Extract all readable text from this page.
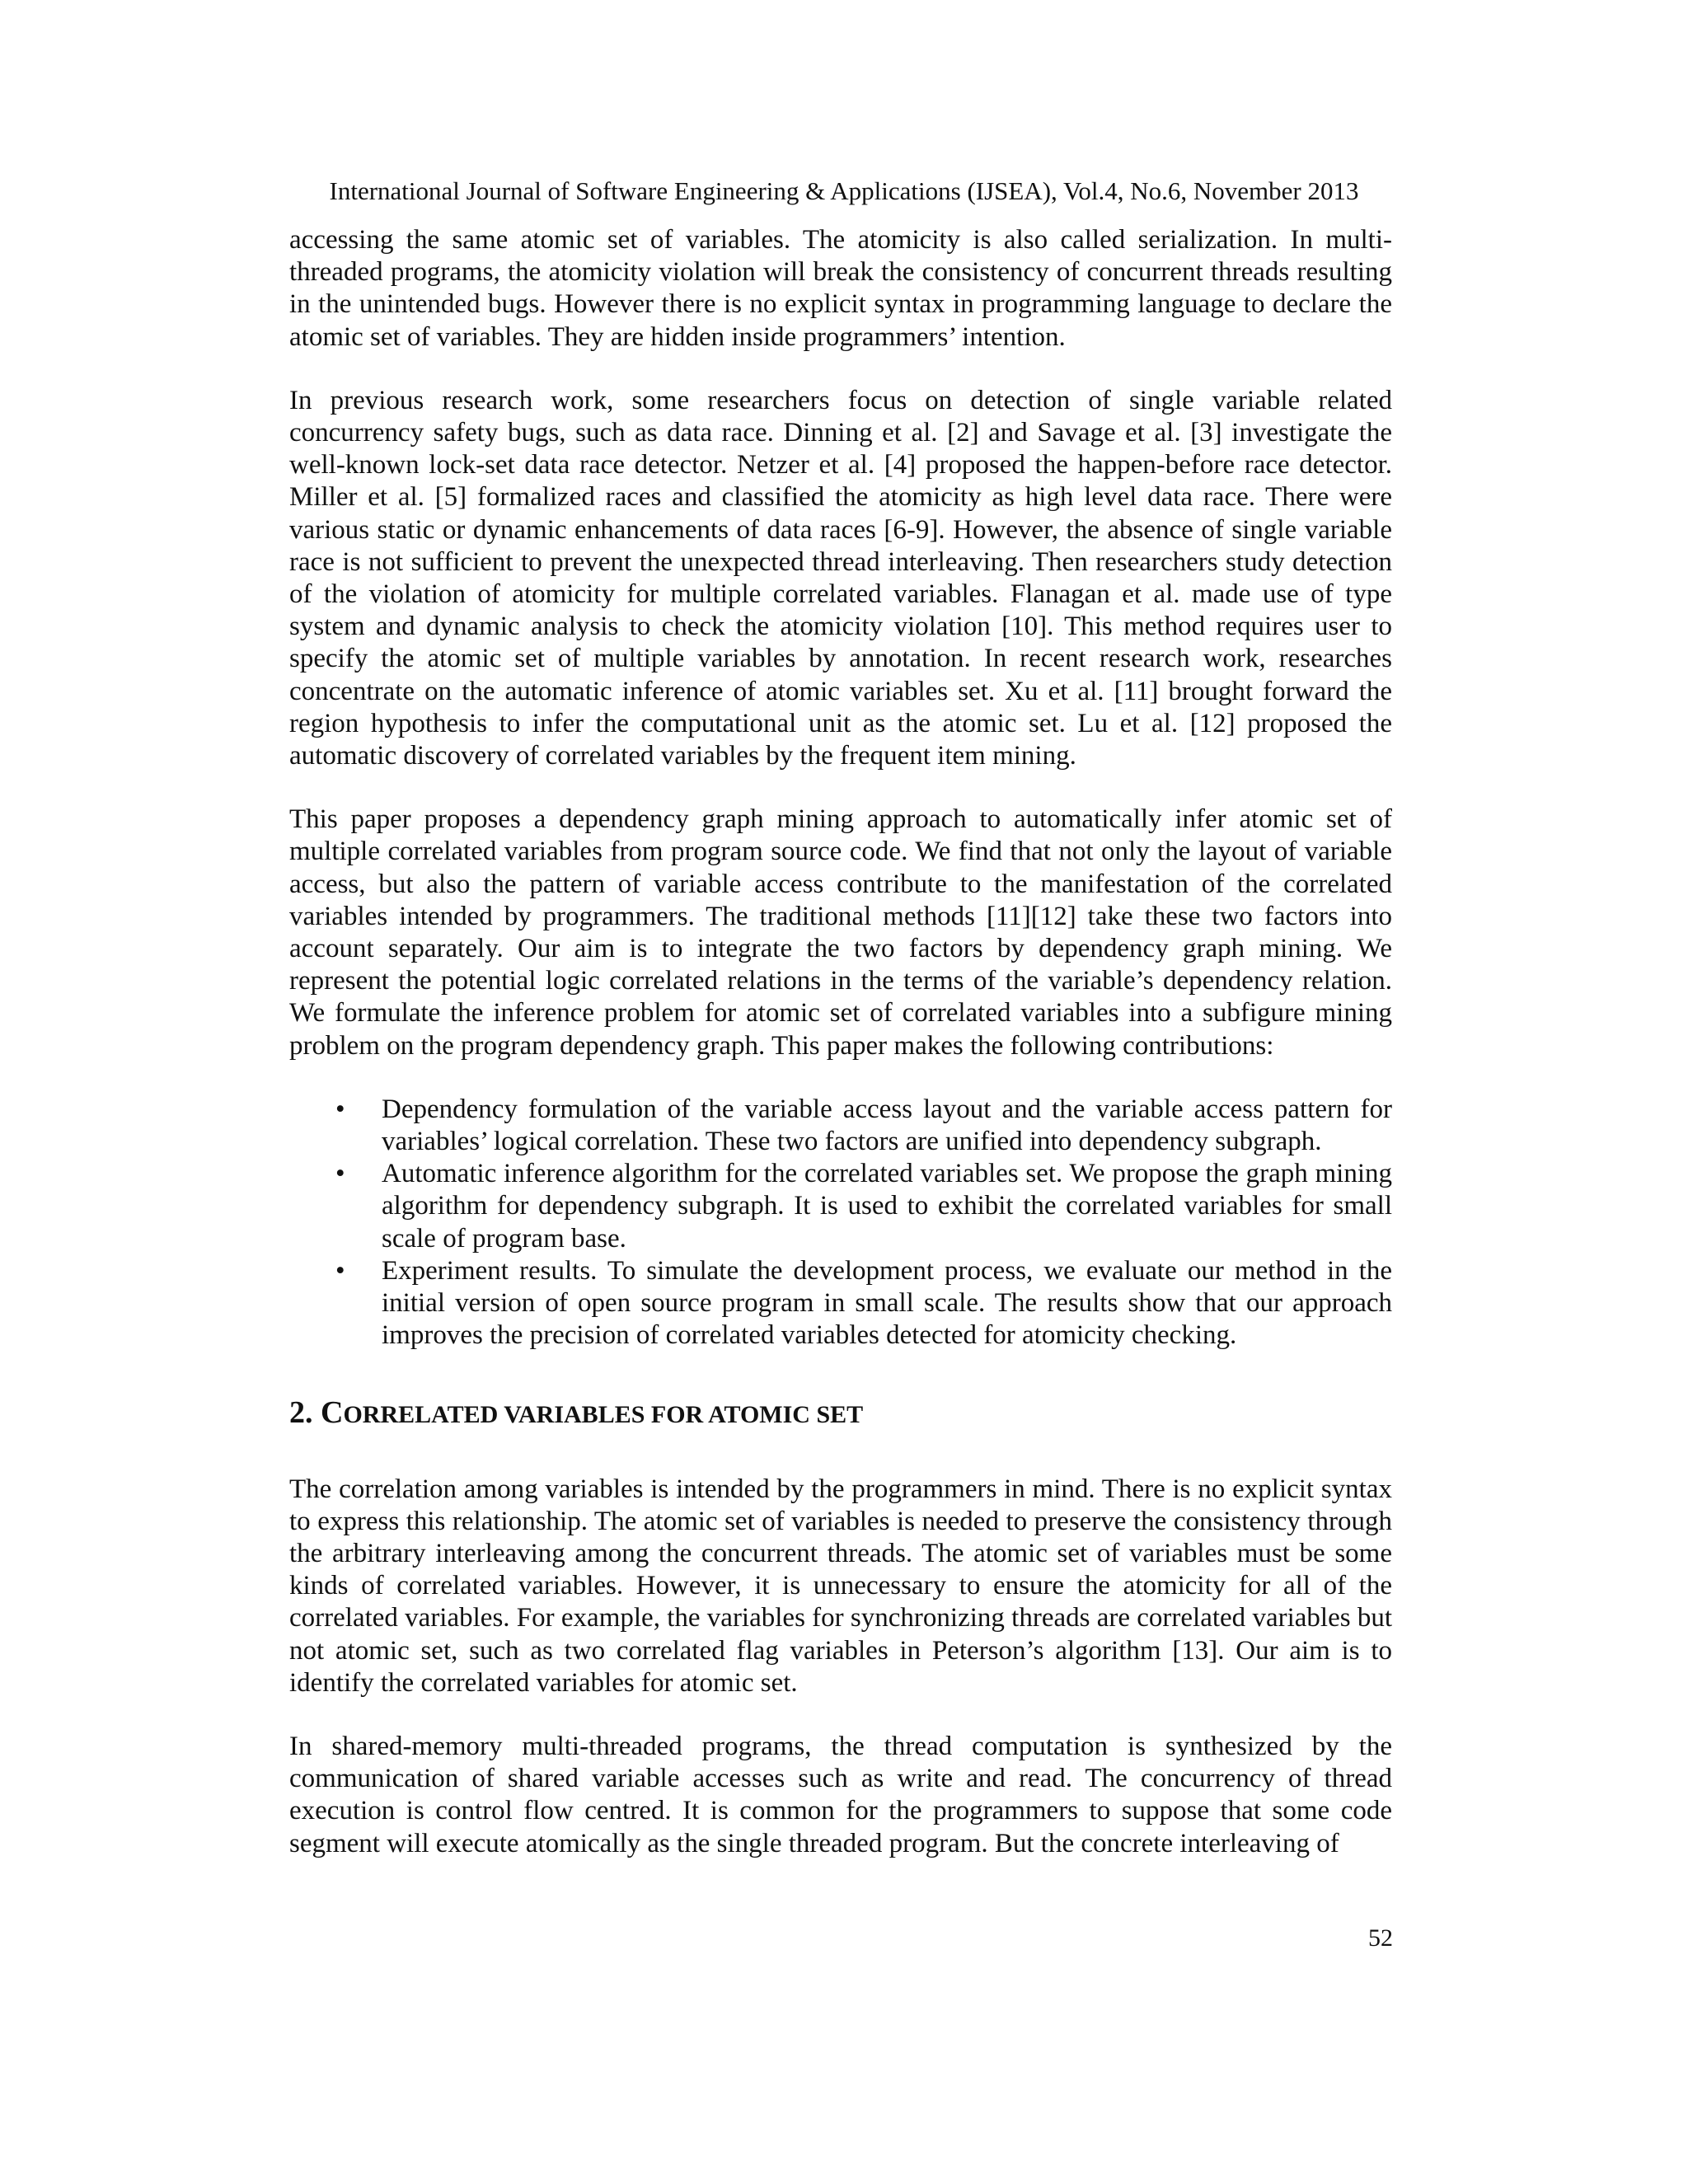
International Journal of Software Engineering & Applications (IJSEA), Vol.4, No.6, November 2013

accessing the same atomic set of variables. The atomicity is also called serialization. In multi-threaded programs, the atomicity violation will break the consistency of concurrent threads resulting in the unintended bugs. However there is no explicit syntax in programming language to declare the atomic set of variables. They are hidden inside programmers’ intention.

In previous research work, some researchers focus on detection of single variable related concurrency safety bugs, such as data race. Dinning et al. [2] and Savage et al. [3] investigate the well-known lock-set data race detector. Netzer et al. [4] proposed the happen-before race detector. Miller et al. [5] formalized races and classified the atomicity as high level data race. There were various static or dynamic enhancements of data races [6-9]. However, the absence of single variable race is not sufficient to prevent the unexpected thread interleaving. Then researchers study detection of the violation of atomicity for multiple correlated variables. Flanagan et al. made use of type system and dynamic analysis to check the atomicity violation [10]. This method requires user to specify the atomic set of multiple variables by annotation. In recent research work, researches concentrate on the automatic inference of atomic variables set. Xu et al. [11] brought forward the region hypothesis to infer the computational unit as the atomic set. Lu et al. [12] proposed the automatic discovery of correlated variables by the frequent item mining.

This paper proposes a dependency graph mining approach to automatically infer atomic set of multiple correlated variables from program source code. We find that not only the layout of variable access, but also the pattern of variable access contribute to the manifestation of the correlated variables intended by programmers. The traditional methods [11][12] take these two factors into account separately. Our aim is to integrate the two factors by dependency graph mining. We represent the potential logic correlated relations in the terms of the variable’s dependency relation. We formulate the inference problem for atomic set of correlated variables into a subfigure mining problem on the program dependency graph. This paper makes the following contributions:

• Dependency formulation of the variable access layout and the variable access pattern for variables’ logical correlation. These two factors are unified into dependency subgraph.
• Automatic inference algorithm for the correlated variables set. We propose the graph mining algorithm for dependency subgraph. It is used to exhibit the correlated variables for small scale of program base.
• Experiment results. To simulate the development process, we evaluate our method in the initial version of open source program in small scale. The results show that our approach improves the precision of correlated variables detected for atomicity checking.
2. CORRELATED VARIABLES FOR ATOMIC SET

The correlation among variables is intended by the programmers in mind. There is no explicit syntax to express this relationship. The atomic set of variables is needed to preserve the consistency through the arbitrary interleaving among the concurrent threads. The atomic set of variables must be some kinds of correlated variables. However, it is unnecessary to ensure the atomicity for all of the correlated variables. For example, the variables for synchronizing threads are correlated variables but not atomic set, such as two correlated flag variables in Peterson’s algorithm [13]. Our aim is to identify the correlated variables for atomic set.

In shared-memory multi-threaded programs, the thread computation is synthesized by the communication of shared variable accesses such as write and read. The concurrency of thread execution is control flow centred. It is common for the programmers to suppose that some code segment will execute atomically as the single threaded program. But the concrete interleaving of

52
